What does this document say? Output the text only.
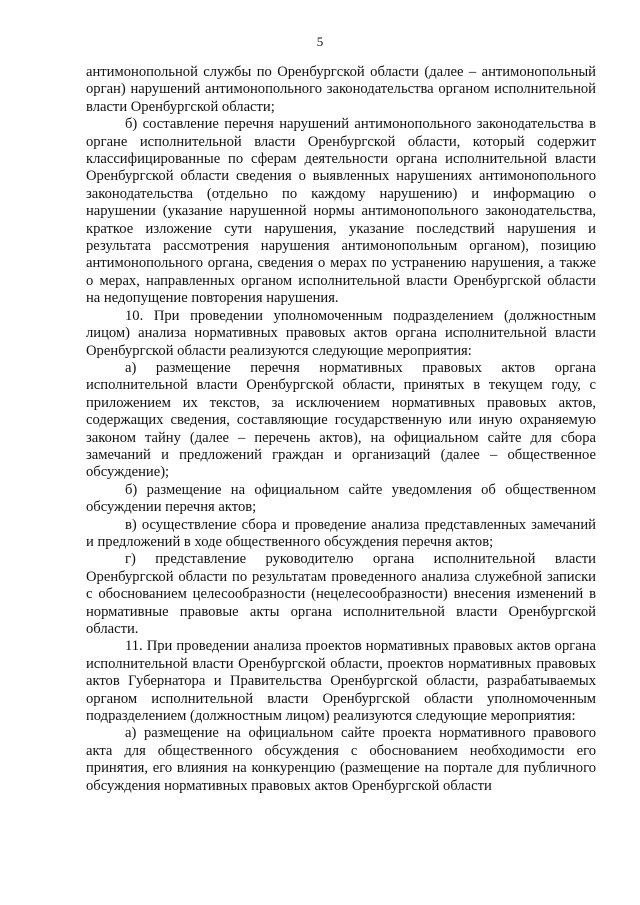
5

антимонопольной службы по Оренбургской области (далее – антимонопольный орган) нарушений антимонопольного законодательства органом исполнительной власти Оренбургской области;

б) составление перечня нарушений антимонопольного законодательства в органе исполнительной власти Оренбургской области, который содержит классифицированные по сферам деятельности органа исполнительной власти Оренбургской области сведения о выявленных нарушениях антимонопольного законодательства (отдельно по каждому нарушению) и информацию о нарушении (указание нарушенной нормы антимонопольного законодательства, краткое изложение сути нарушения, указание последствий нарушения и результата рассмотрения нарушения антимонопольным органом), позицию антимонопольного органа, сведения о мерах по устранению нарушения, а также о мерах, направленных органом исполнительной власти Оренбургской области на недопущение повторения нарушения.

10. При проведении уполномоченным подразделением (должностным лицом) анализа нормативных правовых актов органа исполнительной власти Оренбургской области реализуются следующие мероприятия:

а) размещение перечня нормативных правовых актов органа исполнительной власти Оренбургской области, принятых в текущем году, с приложением их текстов, за исключением нормативных правовых актов, содержащих сведения, составляющие государственную или иную охраняемую законом тайну (далее – перечень актов), на официальном сайте для сбора замечаний и предложений граждан и организаций (далее – общественное обсуждение);

б) размещение на официальном сайте уведомления об общественном обсуждении перечня актов;

в) осуществление сбора и проведение анализа представленных замечаний и предложений в ходе общественного обсуждения перечня актов;

г) представление руководителю органа исполнительной власти Оренбургской области по результатам проведенного анализа служебной записки с обоснованием целесообразности (нецелесообразности) внесения изменений в нормативные правовые акты органа исполнительной власти Оренбургской области.

11. При проведении анализа проектов нормативных правовых актов органа исполнительной власти Оренбургской области, проектов нормативных правовых актов Губернатора и Правительства Оренбургской области, разрабатываемых органом исполнительной власти Оренбургской области уполномоченным подразделением (должностным лицом) реализуются следующие мероприятия:

а) размещение на официальном сайте проекта нормативного правового акта для общественного обсуждения с обоснованием необходимости его принятия, его влияния на конкуренцию (размещение на портале для публичного обсуждения нормативных правовых актов Оренбургской области
